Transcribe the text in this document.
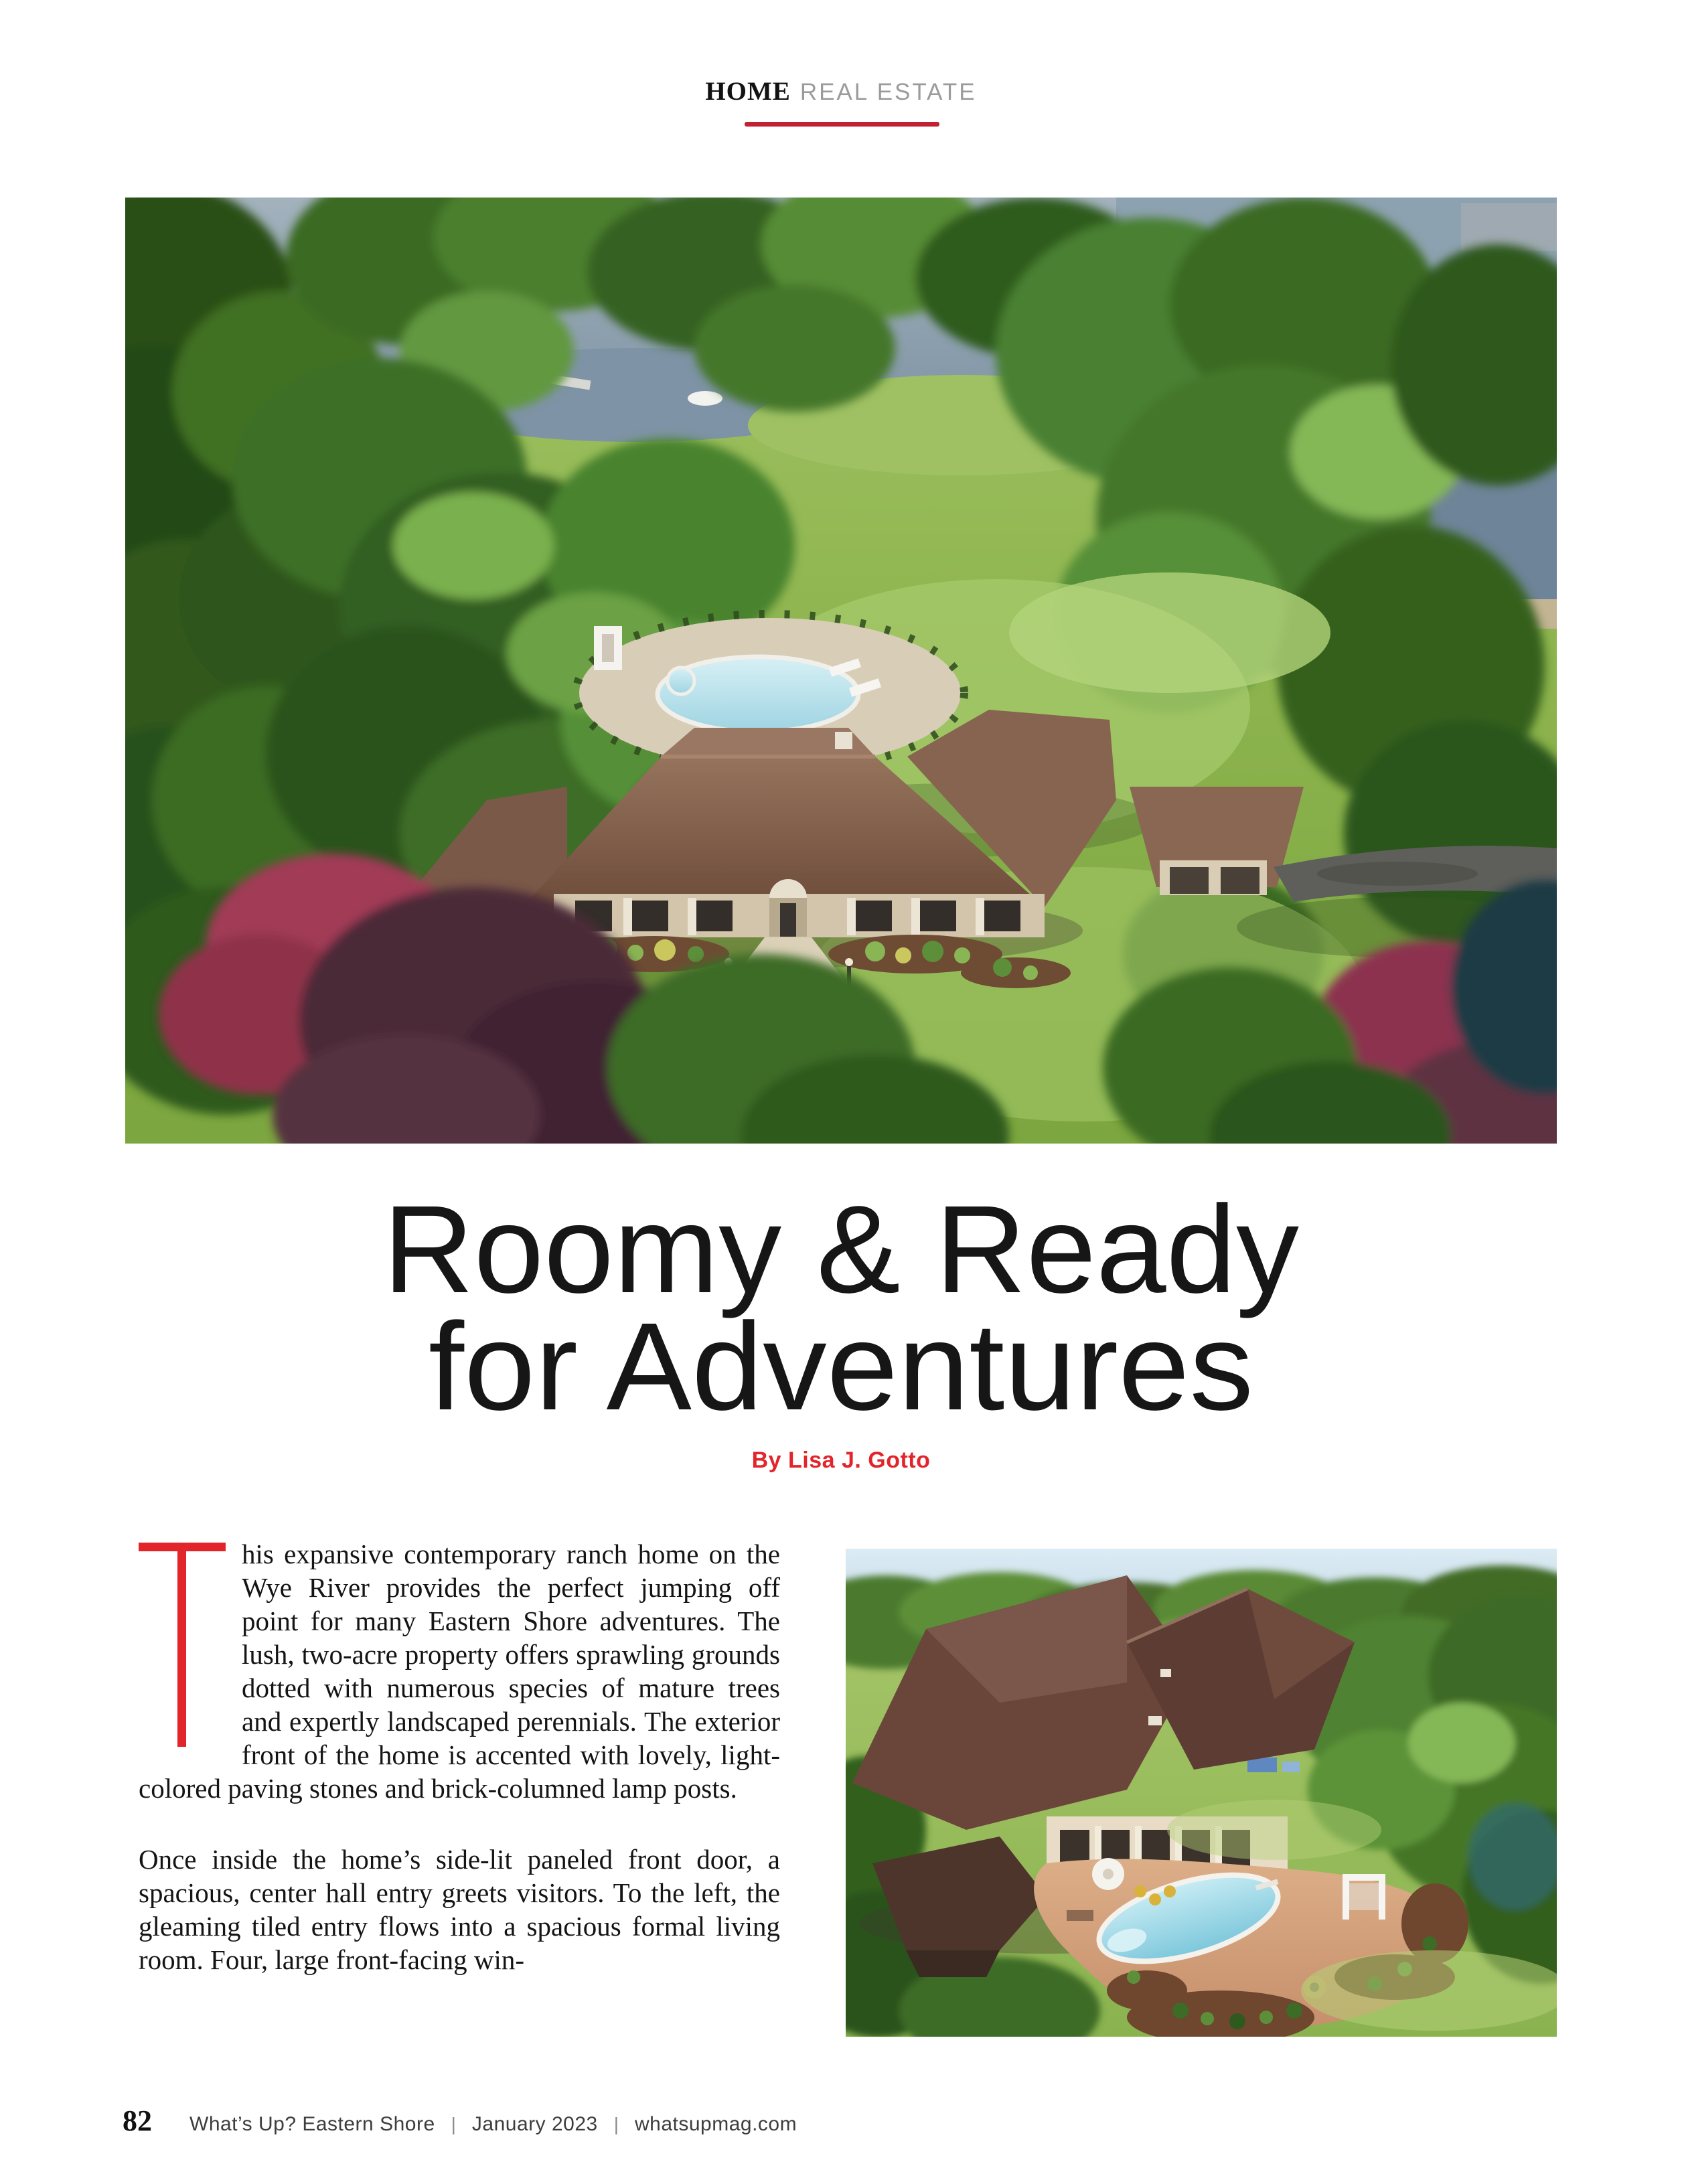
HOME REAL ESTATE
Roomy & Ready
for Adventures
By Lisa J. Gotto

his expansive contemporary ranch home on the Wye River provides the perfect jumping off point for many Eastern Shore adventures. The lush, two-acre property offers sprawling grounds dotted with numerous species of mature trees and expertly landscaped perennials. The exterior front of the home is accented with lovely, light-colored paving stones and brick-columned lamp posts.

Once inside the home’s side-lit paneled front door, a spacious, center hall entry greets visitors. To the left, the gleaming tiled entry flows into a spacious formal living room. Four, large front-facing win-

82 What’s Up? Eastern Shore | January 2023 | whatsupmag.com
